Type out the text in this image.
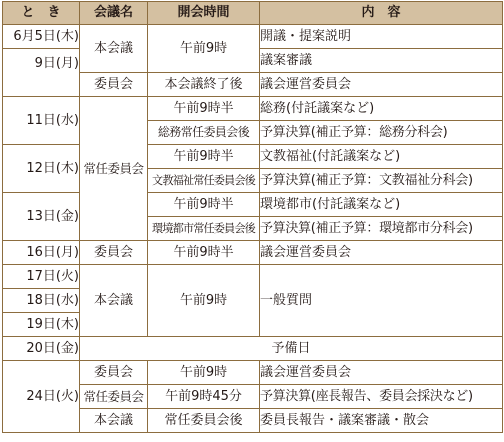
と　き	会議名	開会時間	内　容
6月5日(木)	本会議	午前9時	開議・提案説明
9日(月)			議案審議
	委員会	本会議終了後	議会運営委員会
11日(水)	常任委員会	午前9時半	総務(付託議案など)
		総務常任委員会後	予算決算(補正予算：総務分科会)
12日(木)		午前9時半	文教福祉(付託議案など)
		文教福祉常任委員会後	予算決算(補正予算：文教福祉分科会)
13日(金)		午前9時半	環境都市(付託議案など)
		環境都市常任委員会後	予算決算(補正予算：環境都市分科会)
16日(月)	委員会	午前9時半	議会運営委員会
17日(火)	本会議	午前9時	一般質問
18日(水)			
19日(木)			
20日(金)	予備日		
24日(火)	委員会	午前9時	議会運営委員会
	常任委員会	午前9時45分	予算決算(座長報告、委員会採決など)
	本会議	常任委員会後	委員長報告・議案審議・散会
